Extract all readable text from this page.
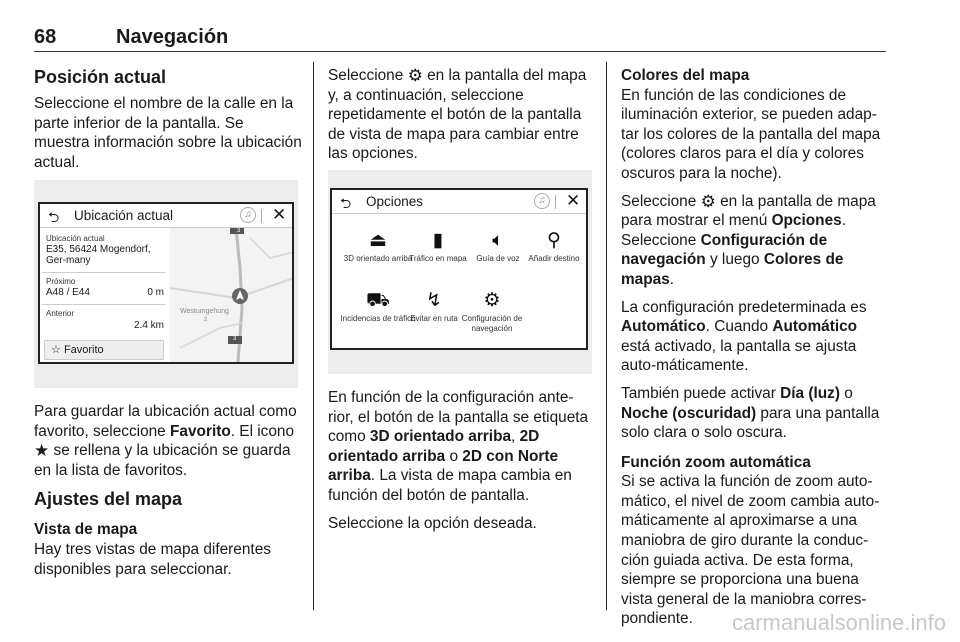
68	Navegación
Posición actual

Seleccione el nombre de la calle en la parte inferior de la pantalla. Se muestra información sobre la ubicación actual.

⮌ Ubicación actual	♫ ✕
Ubicación actual
E35, 56424 Mogendorf, Ger-many
Próximo
A48 / E44	0 m
Anterior
2.4 km
☆ Favorito
3
3
Westumgehung
2

Para guardar la ubicación actual como favorito, seleccione Favorito. El icono ★ se rellena y la ubicación se guarda en la lista de favoritos.

Ajustes del mapa
Vista de mapa

Hay tres vistas de mapa diferentes disponibles para seleccionar.

Seleccione ⚙ en la pantalla del mapa y, a continuación, seleccione repetidamente el botón de la pantalla de vista de mapa para cambiar entre las opciones.

⮌ Opciones	♫ ✕
⏏
3D orientado arriba
▮
Tráfico en mapa
🔈︎
Guía de voz
⚲
Añadir destino
⛟
Incidencias de tráfico
↯
Evitar en ruta
⚙
Configuración de navegación

En función de la configuración ante-rior, el botón de la pantalla se etiqueta como 3D orientado arriba, 2D orientado arriba o 2D con Norte arriba. La vista de mapa cambia en función del botón de pantalla.

Seleccione la opción deseada.

Colores del mapa

En función de las condiciones de iluminación exterior, se pueden adap-tar los colores de la pantalla del mapa (colores claros para el día y colores oscuros para la noche).

Seleccione ⚙ en la pantalla de mapa para mostrar el menú Opciones. Seleccione Configuración de navegación y luego Colores de mapas.

La configuración predeterminada es Automático. Cuando Automático está activado, la pantalla se ajusta auto-máticamente.

También puede activar Día (luz) o Noche (oscuridad) para una pantalla solo clara o solo oscura.

Función zoom automática

Si se activa la función de zoom auto-mático, el nivel de zoom cambia auto-máticamente al aproximarse a una maniobra de giro durante la conduc-ción guiada activa. De esta forma, siempre se proporciona una buena vista general de la maniobra corres-pondiente.	carmanualsonline.info
